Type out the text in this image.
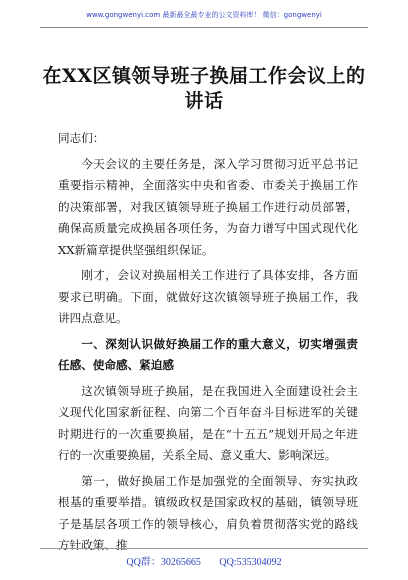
www.gongwenyi.com 最新最全最专业的公文资料库！ 微信：gongwenyi
在XX区镇领导班子换届工作会议上的讲话

同志们：

今天会议的主要任务是，深入学习贯彻习近平总书记重要指示精神，全面落实中央和省委、市委关于换届工作的决策部署，对我区镇领导班子换届工作进行动员部署，确保高质量完成换届各项任务，为奋力谱写中国式现代化XX新篇章提供坚强组织保证。

刚才，会议对换届相关工作进行了具体安排，各方面要求已明确。下面，就做好这次镇领导班子换届工作，我讲四点意见。

一、深刻认识做好换届工作的重大意义，切实增强责任感、使命感、紧迫感

这次镇领导班子换届，是在我国进入全面建设社会主义现代化国家新征程、向第二个百年奋斗目标进军的关键时期进行的一次重要换届，是在“十五五”规划开局之年进行的一次重要换届，关系全局、意义重大、影响深远。

第一，做好换届工作是加强党的全面领导、夯实执政根基的重要举措。镇级政权是国家政权的基础，镇领导班子是基层各项工作的领导核心，肩负着贯彻落实党的路线方针政策、推

QQ群：30265665 QQ:535304092
